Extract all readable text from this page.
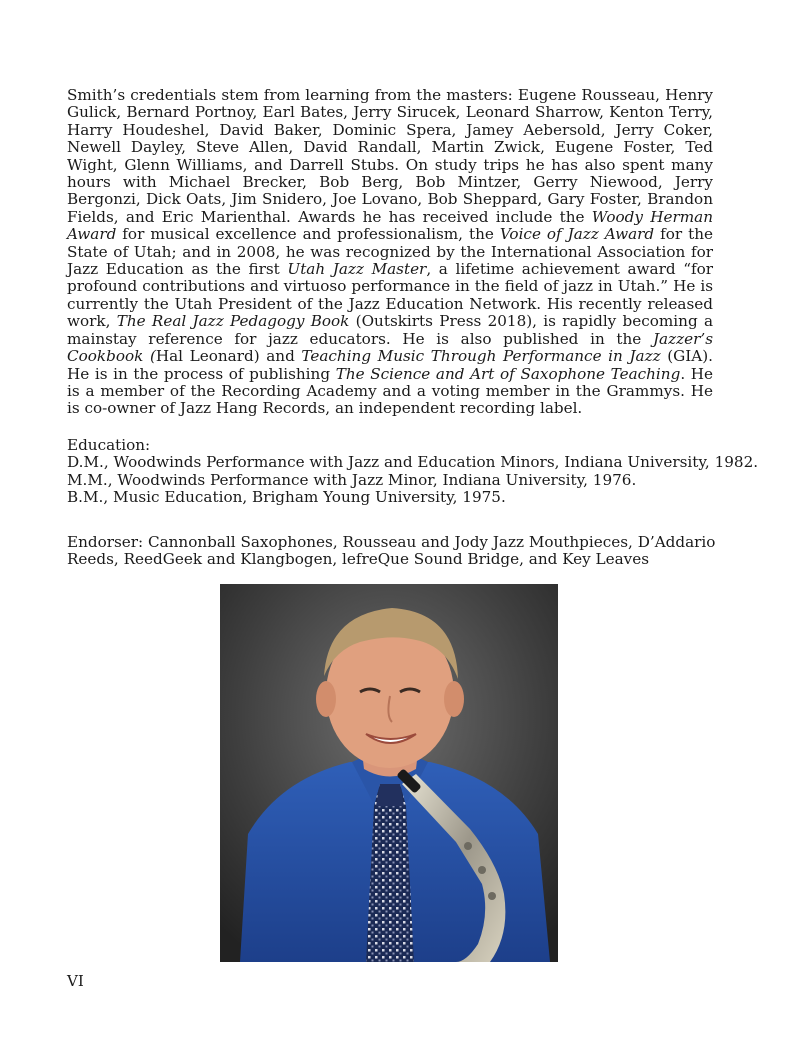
Smith’s credentials stem from learning from the masters: Eugene Rousseau, Henry Gulick, Bernard Portnoy, Earl Bates, Jerry Sirucek, Leonard Sharrow, Kenton Terry, Harry Houdeshel, David Baker, Dominic Spera, Jamey Aebersold, Jerry Coker, Newell Dayley, Steve Allen, David Randall, Martin Zwick, Eugene Foster, Ted Wight, Glenn Williams, and Darrell Stubs. On study trips he has also spent many hours with Michael Brecker, Bob Berg, Bob Mintzer, Gerry Niewood, Jerry Bergonzi, Dick Oats, Jim Snidero, Joe Lovano, Bob Sheppard, Gary Foster, Brandon Fields, and Eric Marienthal. Awards he has received include the Woody Herman Award for musical excellence and professionalism, the Voice of Jazz Award for the State of Utah; and in 2008, he was recognized by the International Association for Jazz Education as the first Utah Jazz Master, a lifetime achievement award “for profound contributions and virtuoso performance in the field of jazz in Utah.” He is currently the Utah President of the Jazz Education Network. His recently released work, The Real Jazz Pedagogy Book (Outskirts Press 2018), is rapidly becoming a mainstay reference for jazz educators. He is also published in the Jazzer’s Cookbook (Hal Leonard) and Teaching Music Through Performance in Jazz (GIA). He is in the process of publishing The Science and Art of Saxophone Teaching. He is a member of the Recording Academy and a voting member in the Grammys. He is co-owner of Jazz Hang Records, an independent recording label.
Education:
D.M., Woodwinds Performance with Jazz and Education Minors, Indiana University, 1982.
M.M., Woodwinds Performance with Jazz Minor, Indiana University, 1976.
B.M., Music Education, Brigham Young University, 1975.
Endorser: Cannonball Saxophones, Rousseau and Jody Jazz Mouthpieces, D’Addario Reeds, ReedGeek and Klangbogen, lefreQue Sound Bridge, and Key Leaves
VI
